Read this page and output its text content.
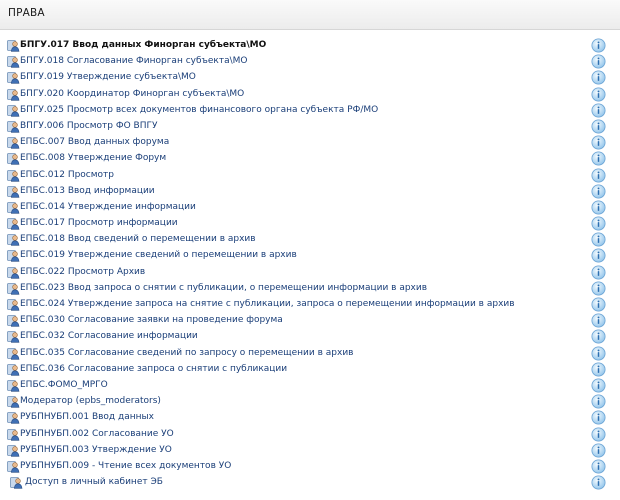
ПРАВА
БПГУ.017 Ввод данных Финорган субъекта\МО
БПГУ.018 Согласование Финорган субъекта\МО
БПГУ.019 Утверждение субъекта\МО
БПГУ.020 Координатор Финорган субъекта\МО
БПГУ.025 Просмотр всех документов финансового органа субъекта РФ/МО
ВПГУ.006 Просмотр ФО ВПГУ
ЕПБС.007 Ввод данных форума
ЕПБС.008 Утверждение Форум
ЕПБС.012 Просмотр
ЕПБС.013 Ввод информации
ЕПБС.014 Утверждение информации
ЕПБС.017 Просмотр информации
ЕПБС.018 Ввод сведений о перемещении в архив
ЕПБС.019 Утверждение сведений о перемещении в архив
ЕПБС.022 Просмотр Архив
ЕПБС.023 Ввод запроса о снятии с публикации, о перемещении информации в архив
ЕПБС.024 Утверждение запроса на снятие с публикации, запроса о перемещении информации в архив
ЕПБС.030 Согласование заявки на проведение форума
ЕПБС.032 Согласование информации
ЕПБС.035 Согласование сведений по запросу о перемещении в архив
ЕПБС.036 Согласование запроса о снятии с публикации
ЕПБС.ФОМО_МРГО
Модератор (epbs_moderators)
РУБПНУБП.001 Ввод данных
РУБПНУБП.002 Согласование УО
РУБПНУБП.003 Утверждение УО
РУБПНУБП.009 - Чтение всех документов УО
Доступ в личный кабинет ЭБ
